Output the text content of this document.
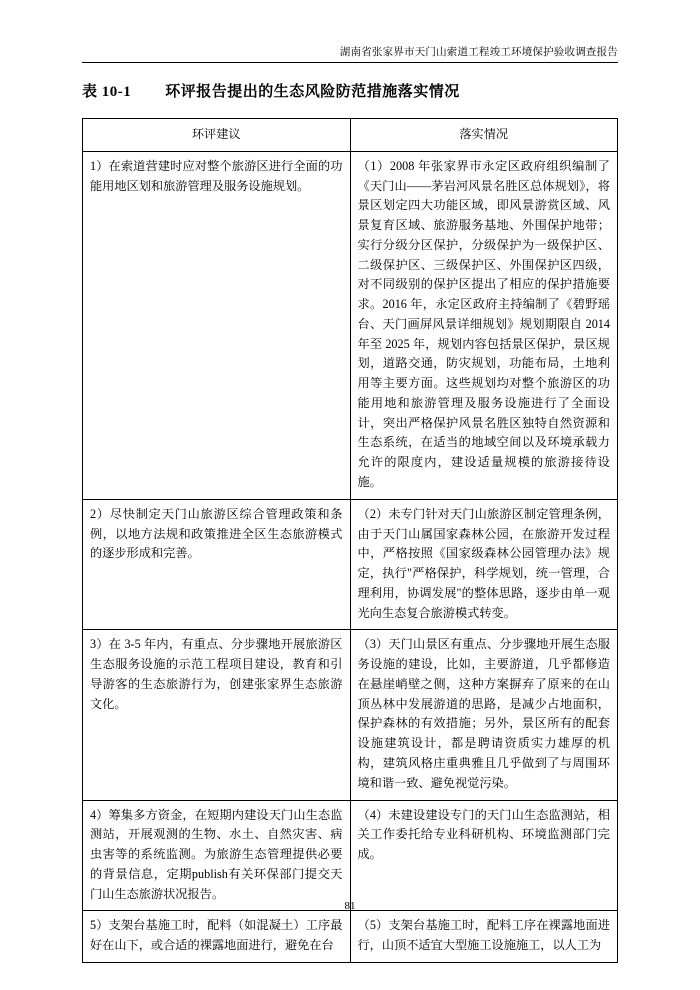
湖南省张家界市天门山索道工程竣工环境保护验收调查报告
表 10-1 环评报告提出的生态风险防范措施落实情况
环评建议	落实情况
1）在索道营建时应对整个旅游区进行全面的功能用地区划和旅游管理及服务设施规划。	（1）2008 年张家界市永定区政府组织编制了《天门山——茅岩河风景名胜区总体规划》，将景区划定四大功能区域，即风景游赏区域、风景复育区域、旅游服务基地、外围保护地带；实行分级分区保护，分级保护为一级保护区、二级保护区、三级保护区、外围保护区四级，对不同级别的保护区提出了相应的保护措施要求。2016 年，永定区政府主持编制了《碧野瑶台、天门画屏风景详细规划》规划期限自 2014 年至 2025 年，规划内容包括景区保护，景区规划，道路交通，防灾规划，功能布局，土地利用等主要方面。这些规划均对整个旅游区的功能用地和旅游管理及服务设施进行了全面设计，突出严格保护风景名胜区独特自然资源和生态系统，在适当的地域空间以及环境承载力允许的限度内，建设适量规模的旅游接待设施。
2）尽快制定天门山旅游区综合管理政策和条例，以地方法规和政策推进全区生态旅游模式的逐步形成和完善。	（2）未专门针对天门山旅游区制定管理条例，由于天门山属国家森林公园，在旅游开发过程中，严格按照《国家级森林公园管理办法》规定，执行"严格保护，科学规划，统一管理，合理利用，协调发展"的整体思路，逐步由单一观光向生态复合旅游模式转变。
3）在 3-5 年内，有重点、分步骤地开展旅游区生态服务设施的示范工程项目建设，教育和引导游客的生态旅游行为，创建张家界生态旅游文化。	（3）天门山景区有重点、分步骤地开展生态服务设施的建设，比如，主要游道，几乎都修造在悬崖峭壁之侧，这种方案摒弃了原来的在山顶丛林中发展游道的思路，是减少占地面积，保护森林的有效措施；另外，景区所有的配套设施建筑设计，都是聘请资质实力雄厚的机构，建筑风格庄重典雅且几乎做到了与周围环境和谐一致、避免视觉污染。
4）筹集多方资金，在短期内建设天门山生态监测站，开展观测的生物、水土、自然灾害、病虫害等的系统监测。为旅游生态管理提供必要的背景信息，定期publish有关环保部门提交天门山生态旅游状况报告。	（4）未建设建设专门的天门山生态监测站，相关工作委托给专业科研机构、环境监测部门完成。
5）支架台基施工时，配料（如混凝土）工序最好在山下，或合适的裸露地面进行，避免在台	（5）支架台基施工时，配料工序在裸露地面进行，山顶不适宜大型施工设施施工，以人工为
81
